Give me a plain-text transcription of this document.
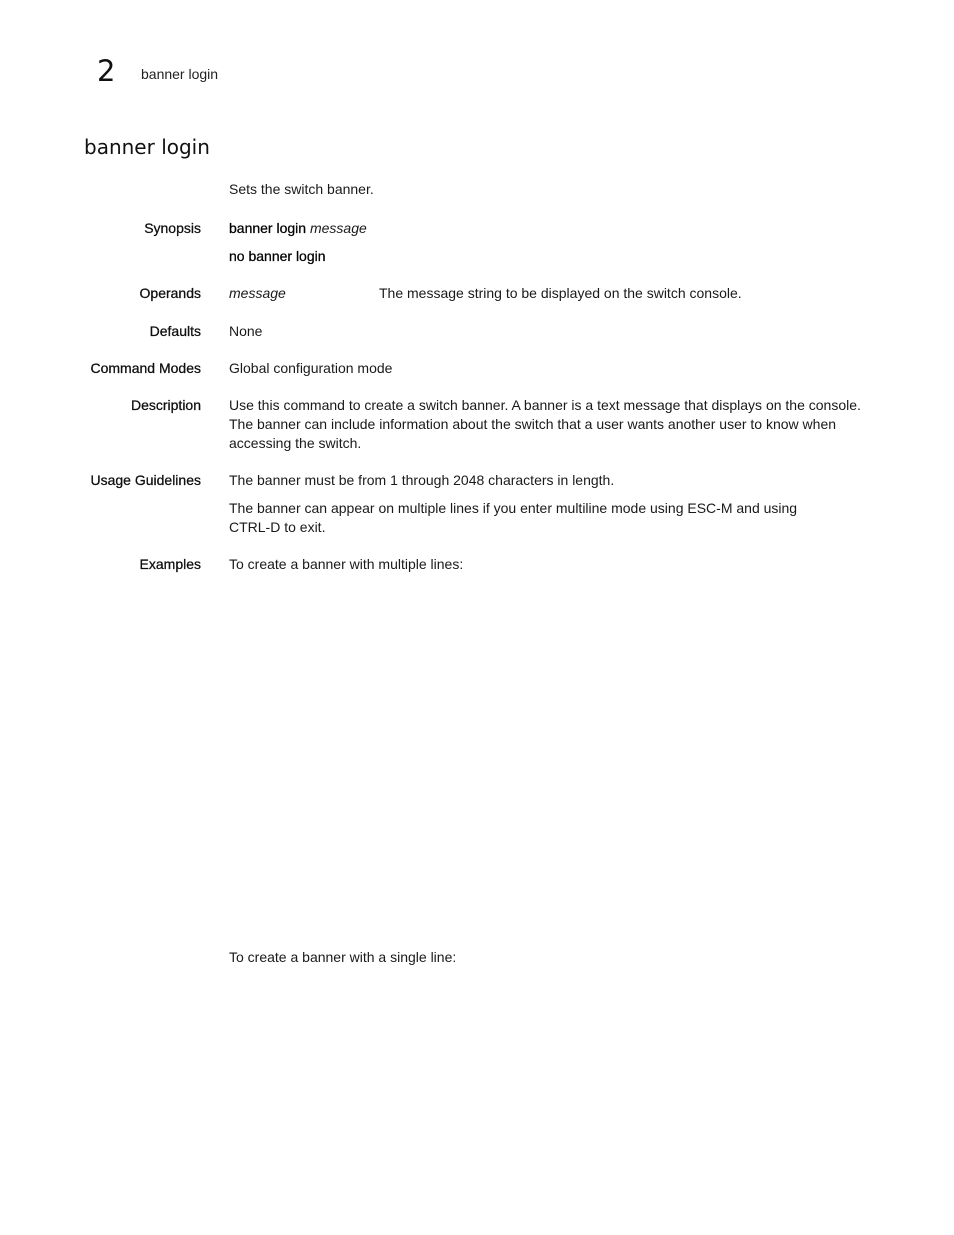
2 banner login
banner login
Sets the switch banner.
Synopsis banner login message
no banner login
Operands message	The message string to be displayed on the switch console.
Defaults None
Command Modes Global configuration mode
Description Use this command to create a switch banner. A banner is a text message that displays on the console. The banner can include information about the switch that a user wants another user to know when accessing the switch.
Usage Guidelines The banner must be from 1 through 2048 characters in length.
The banner can appear on multiple lines if you enter multiline mode using ESC-M and using CTRL-D to exit.
Examples To create a banner with multiple lines:
To create a banner with a single line:
